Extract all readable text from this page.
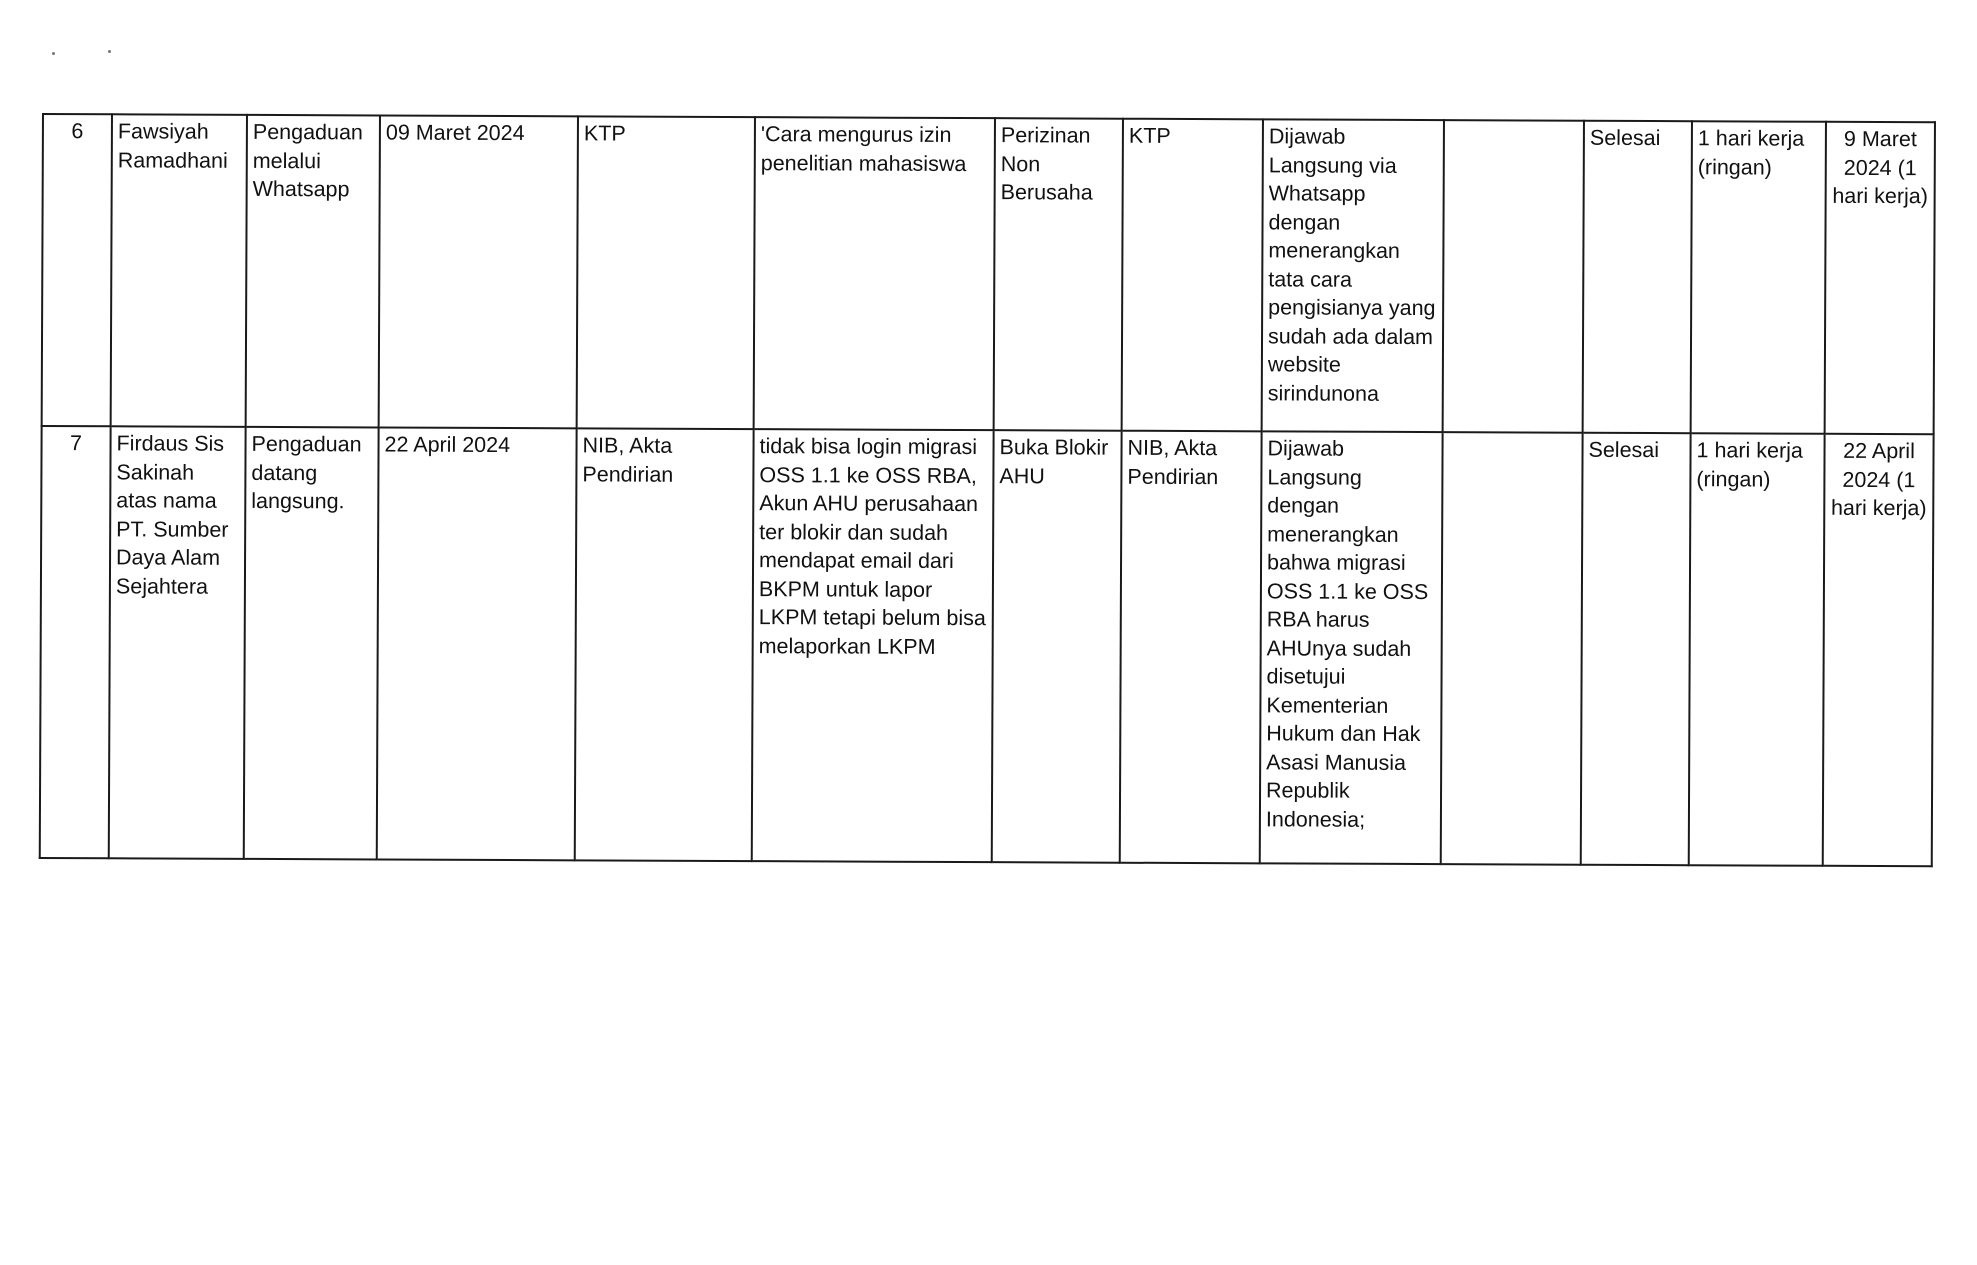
6	Fawsiyah Ramadhani	Pengaduan melalui Whatsapp	09 Maret 2024	KTP	'Cara mengurus izin penelitian mahasiswa	Perizinan Non Berusaha	KTP	Dijawab Langsung via Whatsapp dengan menerangkan tata cara pengisianya yang sudah ada dalam website sirindunona		Selesai	1 hari kerja (ringan)	9 Maret 2024 (1 hari kerja)
7	Firdaus Sis Sakinah atas nama PT. Sumber Daya Alam Sejahtera	Pengaduan datang langsung.	22 April 2024	NIB, Akta Pendirian	tidak bisa login migrasi OSS 1.1 ke OSS RBA, Akun AHU perusahaan ter blokir dan sudah mendapat email dari BKPM untuk lapor LKPM tetapi belum bisa melaporkan LKPM	Buka Blokir AHU	NIB, Akta Pendirian	Dijawab Langsung dengan menerangkan bahwa migrasi OSS 1.1 ke OSS RBA harus AHUnya sudah disetujui Kementerian Hukum dan Hak Asasi Manusia Republik Indonesia;		Selesai	1 hari kerja (ringan)	22 April 2024 (1 hari kerja)
